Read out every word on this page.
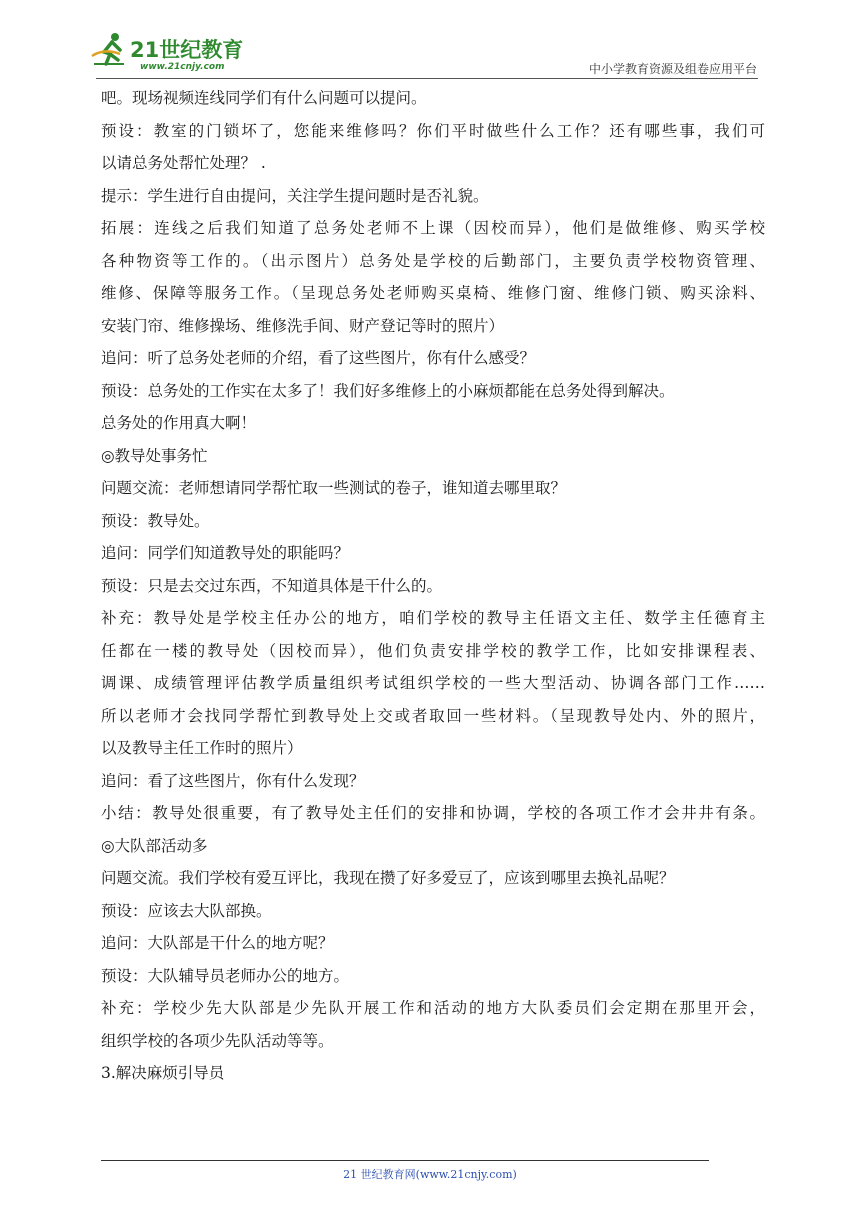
21世纪教育
www.21cnjy.com	中小学教育资源及组卷应用平台
吧。现场视频连线同学们有什么问题可以提问。
预设：教室的门锁坏了，您能来维修吗？你们平时做些什么工作？还有哪些事，我们可
以请总务处帮忙处理？ .
提示：学生进行自由提问，关注学生提问题时是否礼貌。
拓展：连线之后我们知道了总务处老师不上课（因校而异），他们是做维修、购买学校
各种物资等工作的。（出示图片）总务处是学校的后勤部门，主要负责学校物资管理、
维修、保障等服务工作。（呈现总务处老师购买桌椅、维修门窗、维修门锁、购买涂料、
安装门帘、维修操场、维修洗手间、财产登记等时的照片）
追问：听了总务处老师的介绍，看了这些图片，你有什么感受？
预设：总务处的工作实在太多了！我们好多维修上的小麻烦都能在总务处得到解决。
总务处的作用真大啊！
◎教导处事务忙
问题交流：老师想请同学帮忙取一些测试的卷子，谁知道去哪里取？
预设：教导处。
追问：同学们知道教导处的职能吗？
预设：只是去交过东西，不知道具体是干什么的。
补充：教导处是学校主任办公的地方，咱们学校的教导主任语文主任、数学主任德育主
任都在一楼的教导处（因校而异），他们负责安排学校的教学工作，比如安排课程表、
调课、成绩管理评估教学质量组织考试组织学校的一些大型活动、协调各部门工作……
所以老师才会找同学帮忙到教导处上交或者取回一些材料。（呈现教导处内、外的照片，
以及教导主任工作时的照片）
追问：看了这些图片，你有什么发现？
小结：教导处很重要，有了教导处主任们的安排和协调，学校的各项工作才会井井有条。
◎大队部活动多
问题交流。我们学校有爱互评比，我现在攒了好多爱豆了，应该到哪里去换礼品呢？
预设：应该去大队部换。
追问：大队部是干什么的地方呢？
预设：大队辅导员老师办公的地方。
补充：学校少先大队部是少先队开展工作和活动的地方大队委员们会定期在那里开会，
组织学校的各项少先队活动等等。
3.解决麻烦引导员
21 世纪教育网(www.21cnjy.com)
